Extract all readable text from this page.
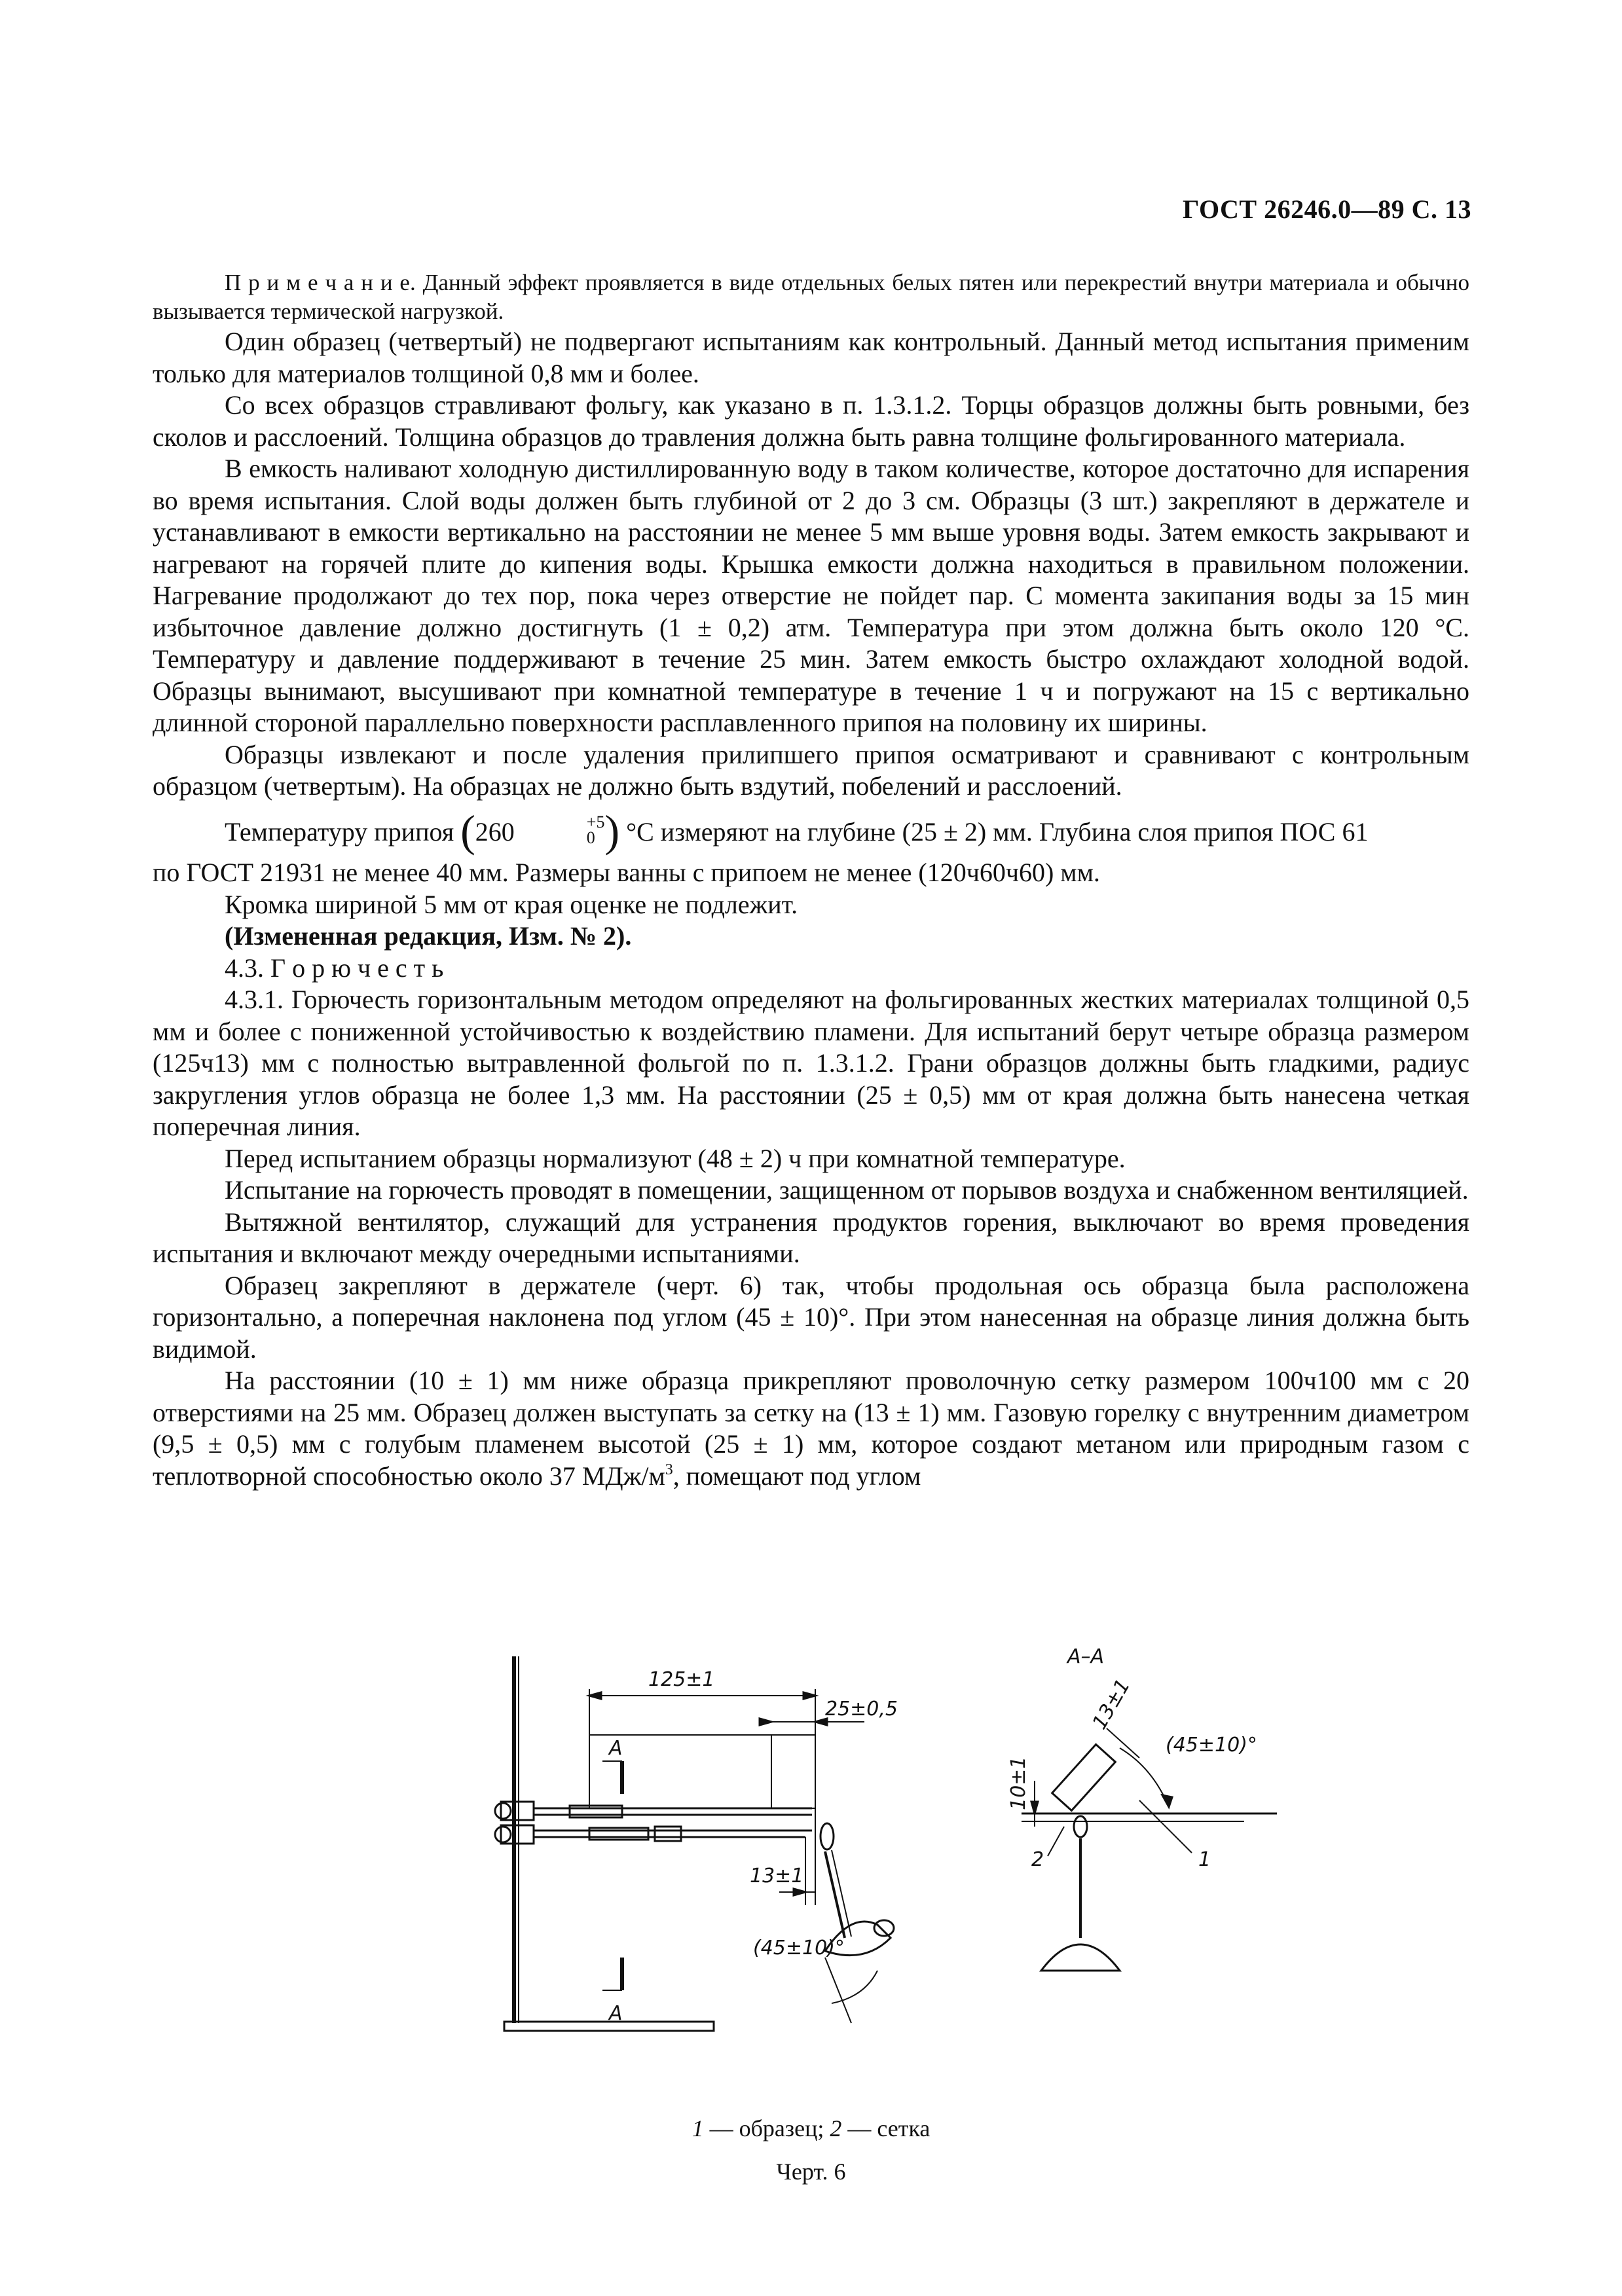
ГОСТ 26246.0—89 С. 13

П р и м е ч а н и е. Данный эффект проявляется в виде отдельных белых пятен или перекрестий внутри материала и обычно вызывается термической нагрузкой.

Один образец (четвертый) не подвергают испытаниям как контрольный. Данный метод испытания применим только для материалов толщиной 0,8 мм и более.

Со всех образцов стравливают фольгу, как указано в п. 1.3.1.2. Торцы образцов должны быть ровными, без сколов и расслоений. Толщина образцов до травления должна быть равна толщине фольгированного материала.

В емкость наливают холодную дистиллированную воду в таком количестве, которое достаточно для испарения во время испытания. Слой воды должен быть глубиной от 2 до 3 см. Образцы (3 шт.) закрепляют в держателе и устанавливают в емкости вертикально на расстоянии не менее 5 мм выше уровня воды. Затем емкость закрывают и нагревают на горячей плите до кипения воды. Крышка емкости должна находиться в правильном положении. Нагревание продолжают до тех пор, пока через отверстие не пойдет пар. С момента закипания воды за 15 мин избыточное давление должно достигнуть (1 ± 0,2) атм. Температура при этом должна быть около 120 °С. Температуру и давление поддерживают в течение 25 мин. Затем емкость быстро охлаждают холодной водой. Образцы вынимают, высушивают при комнатной температуре в течение 1 ч и погружают на 15 с вертикально длинной стороной параллельно поверхности расплавленного припоя на половину их ширины.

Образцы извлекают и после удаления прилипшего припоя осматривают и сравнивают с контрольным образцом (четвертым). На образцах не должно быть вздутий, побелений и расслоений.

Температуру припоя (260	+5
0 ) °С измеряют на глубине (25 ± 2) мм. Глубина слоя припоя ПОС 61

по ГОСТ 21931 не менее 40 мм. Размеры ванны с припоем не менее (120ч60ч60) мм.

Кромка шириной 5 мм от края оценке не подлежит.

(Измененная редакция, Изм. № 2).

4.3. Г о р ю ч е с т ь

4.3.1. Горючесть горизонтальным методом определяют на фольгированных жестких материалах толщиной 0,5 мм и более с пониженной устойчивостью к воздействию пламени. Для испытаний берут четыре образца размером (125ч13) мм с полностью вытравленной фольгой по п. 1.3.1.2. Грани образцов должны быть гладкими, радиус закругления углов образца не более 1,3 мм. На расстоянии (25 ± 0,5) мм от края должна быть нанесена четкая поперечная линия.

Перед испытанием образцы нормализуют (48 ± 2) ч при комнатной температуре.

Испытание на горючесть проводят в помещении, защищенном от порывов воздуха и снабженном вентиляцией.

Вытяжной вентилятор, служащий для устранения продуктов горения, выключают во время проведения испытания и включают между очередными испытаниями.

Образец закрепляют в держателе (черт. 6) так, чтобы продольная ось образца была расположена горизонтально, а поперечная наклонена под углом (45 ± 10)°. При этом нанесенная на образце линия должна быть видимой.

На расстоянии (10 ± 1) мм ниже образца прикрепляют проволочную сетку размером 100ч100 мм с 20 отверстиями на 25 мм. Образец должен выступать за сетку на (13 ± 1) мм. Газовую горелку с внутренним диаметром (9,5 ± 0,5) мм с голубым пламенем высотой (25 ± 1) мм, которое создают метаном или природным газом с теплотворной способностью около 37 МДж/$м^3$, помещают под углом

125±1
25±0,5
13±1
(45±10)°
А
А
А–А
10±1
13±1
(45±10)°
2	1
1 — образец; 2 — сетка
Черт. 6
